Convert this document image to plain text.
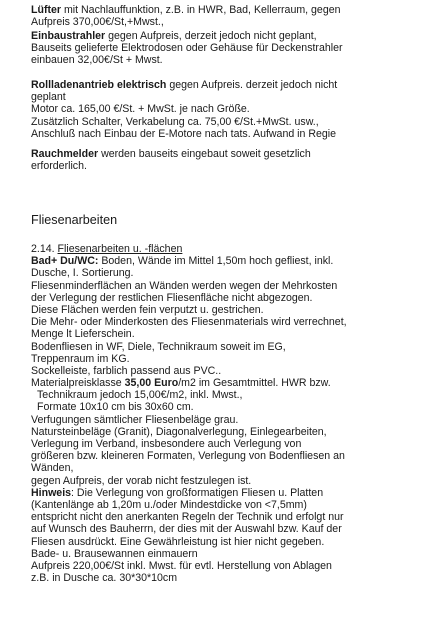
Lüfter mit Nachlauffunktion, z.B. in HWR, Bad, Kellerraum, gegen
Aufpreis 370,00€/St,+Mwst.,
Einbaustrahler gegen Aufpreis, derzeit jedoch nicht geplant,
Bauseits gelieferte Elektrodosen oder Gehäuse für Deckenstrahler
einbauen 32,00€/St + Mwst.
Rollladenantrieb elektrisch gegen Aufpreis. derzeit jedoch nicht
geplant
Motor ca. 165,00 €/St. + MwSt. je nach Größe.
Zusätzlich Schalter, Verkabelung ca. 75,00 €/St.+MwSt. usw.,
Anschluß nach Einbau der E-Motore nach tats. Aufwand in Regie
Rauchmelder werden bauseits eingebaut soweit gesetzlich
erforderlich.
Fliesenarbeiten
2.14. Fliesenarbeiten u. -flächen
Bad+ Du/WC: Boden, Wände im Mittel 1,50m hoch gefliest, inkl.
Dusche, I. Sortierung.
Fliesenminderflächen an Wänden werden wegen der Mehrkosten
der Verlegung der restlichen Fliesenfläche nicht abgezogen.
Diese Flächen werden fein verputzt u. gestrichen.
Die Mehr- oder Minderkosten des Fliesenmaterials wird verrechnet,
Menge lt Lieferschein.
Bodenfliesen in WF, Diele, Technikraum soweit im EG,
Treppenraum im KG.
Sockelleiste, farblich passend aus PVC..
Materialpreisklasse 35,00 Euro/m2 im Gesamtmittel. HWR bzw.
Technikraum jedoch 15,00€/m2, inkl. Mwst.,
Formate 10x10 cm bis 30x60 cm.
Verfugungen sämtlicher Fliesenbeläge grau.
Natursteinbeläge (Granit), Diagonalverlegung, Einlegearbeiten,
Verlegung im Verband, insbesondere auch Verlegung von
größeren bzw. kleineren Formaten, Verlegung von Bodenfliesen an
Wänden,
gegen Aufpreis, der vorab nicht festzulegen ist.
Hinweis: Die Verlegung von großformatigen Fliesen u. Platten
(Kantenlänge ab 1,20m u./oder Mindestdicke von <7,5mm)
entspricht nicht den anerkanten Regeln der Technik und erfolgt nur
auf Wunsch des Bauherrn, der dies mit der Auswahl bzw. Kauf der
Fliesen ausdrückt. Eine Gewährleistung ist hier nicht gegeben.
Bade- u. Brausewannen einmauern
Aufpreis 220,00€/St inkl. Mwst. für evtl. Herstellung von Ablagen
z.B. in Dusche ca. 30*30*10cm
